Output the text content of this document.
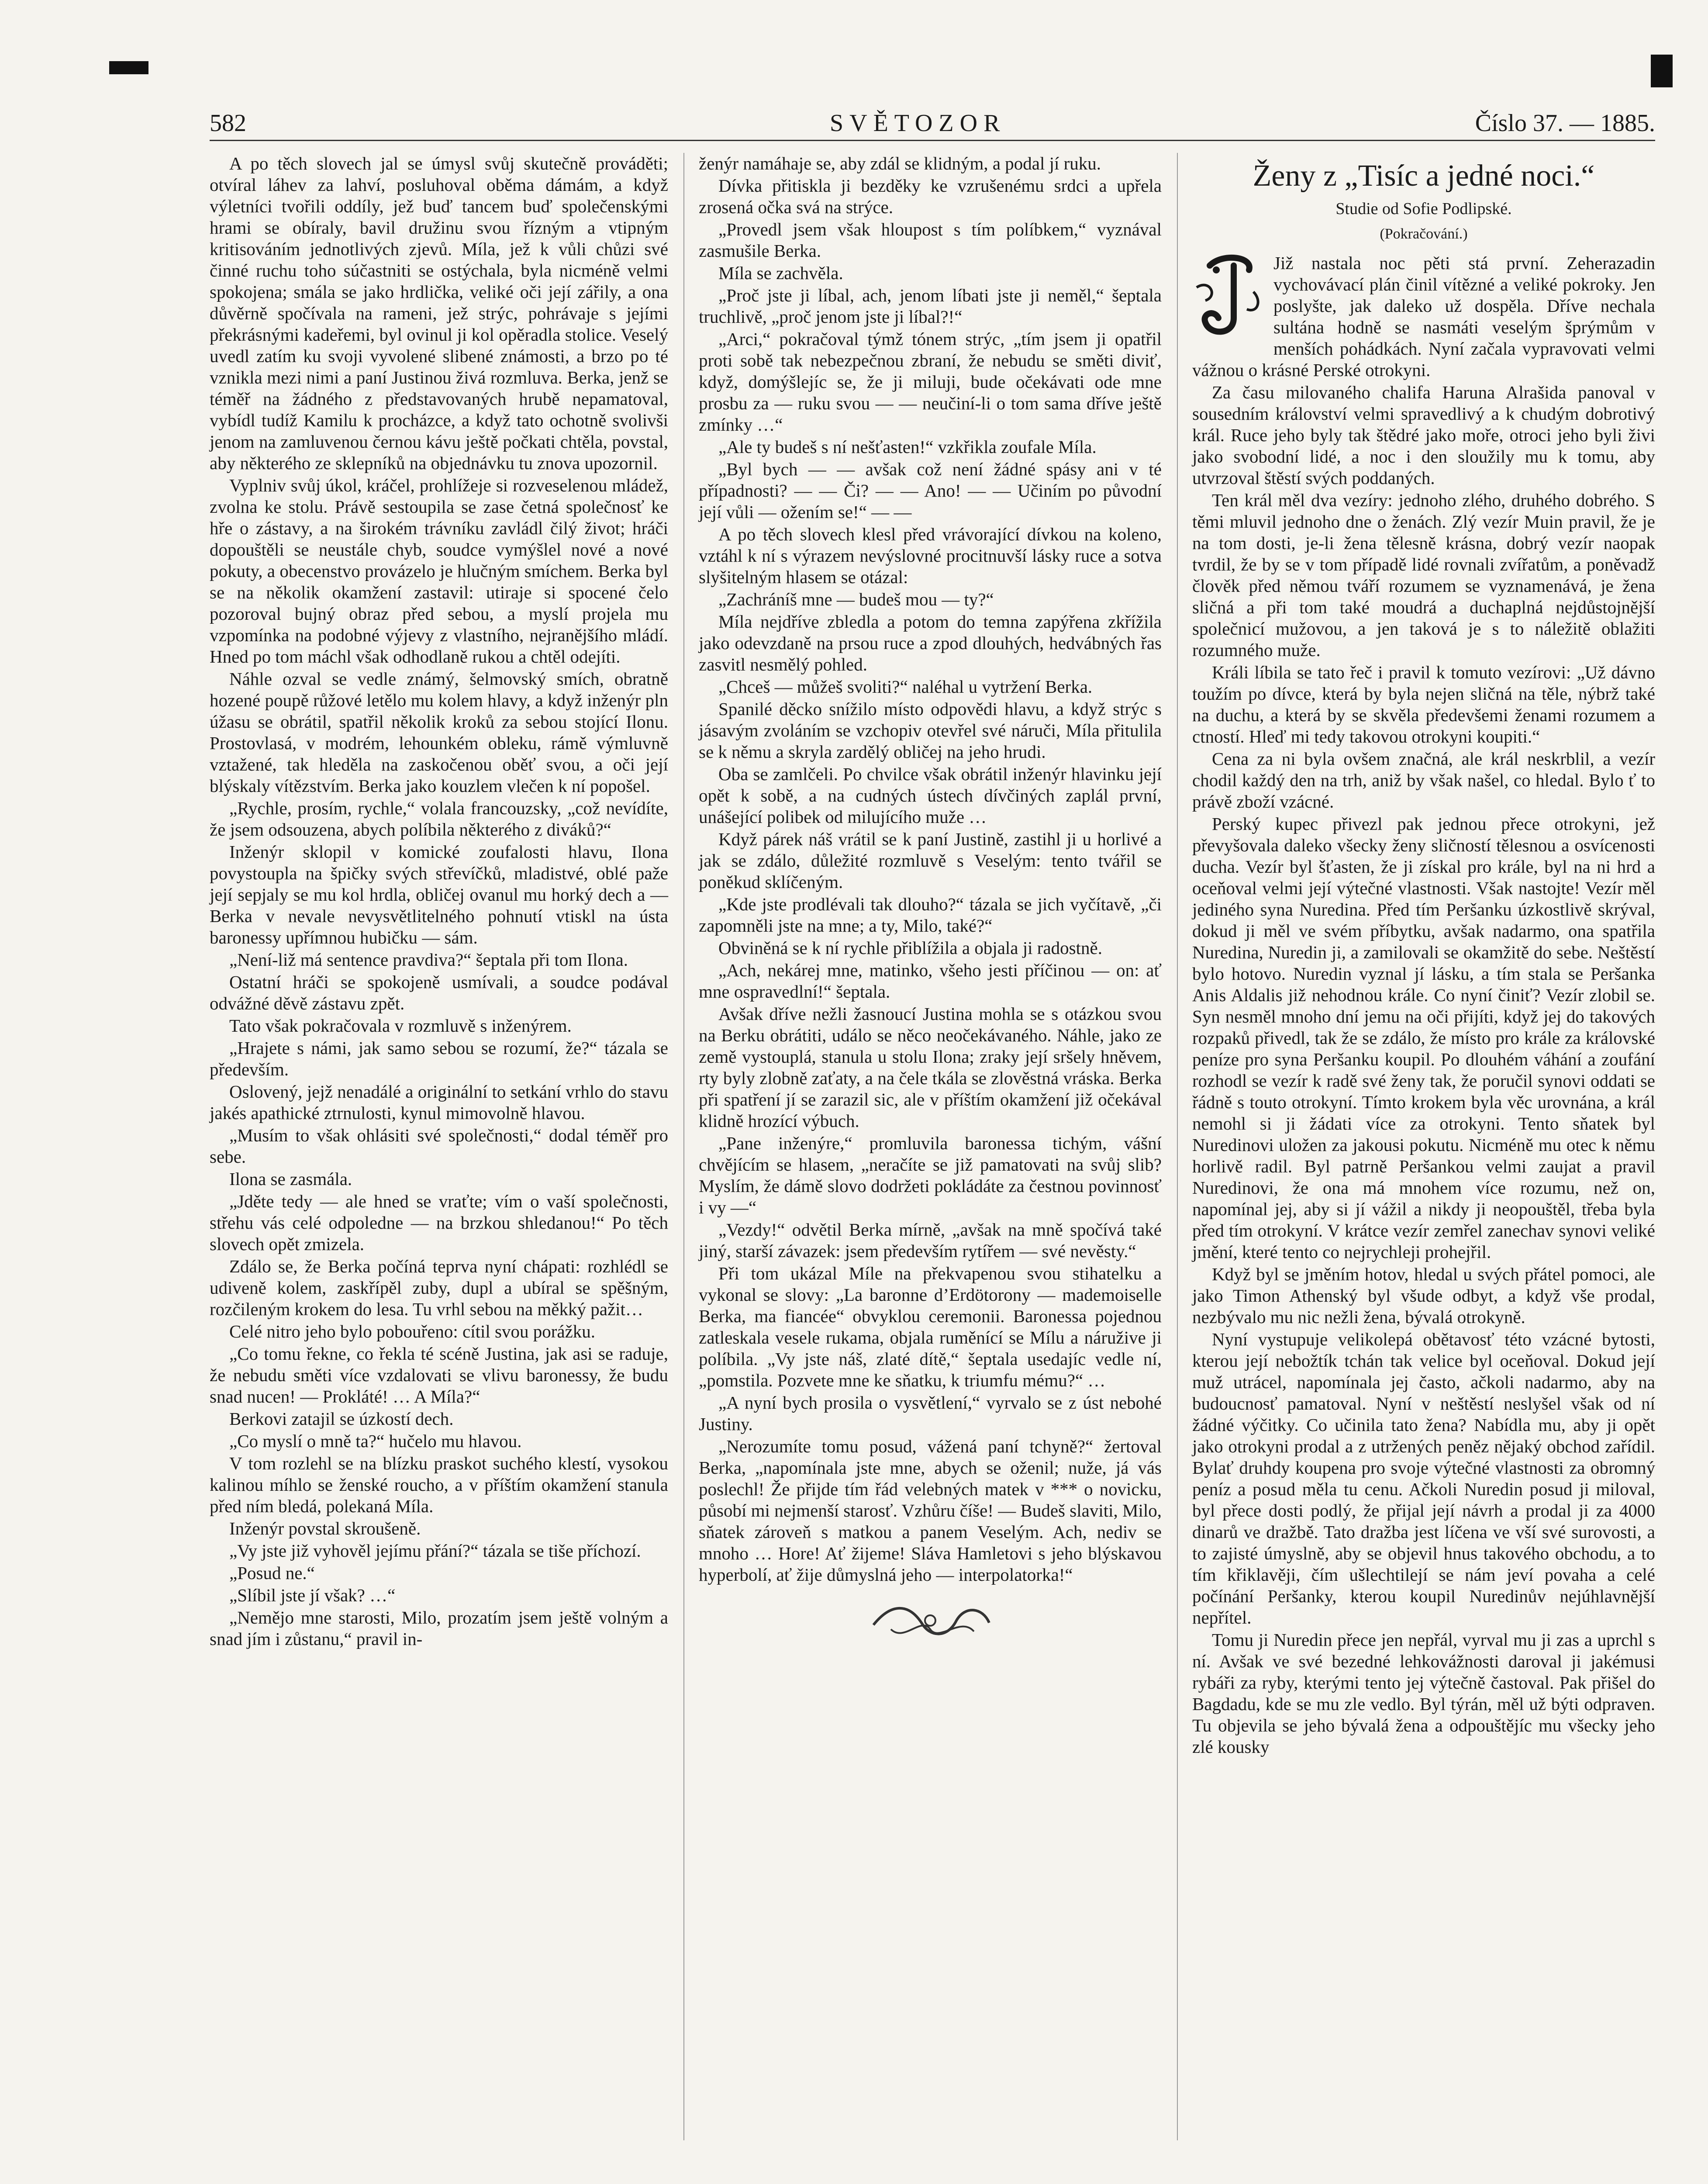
582	SVĚTOZOR	Číslo 37. — 1885.

A po těch slovech jal se úmysl svůj skutečně prováděti; otvíral láhev za lahví, posluhoval oběma dámám, a když výletníci tvořili oddíly, jež buď tancem buď společenskými hrami se obíraly, bavil družinu svou řízným a vtipným kritisováním jednotlivých zjevů. Míla, jež k vůli chůzi své činné ruchu toho súčastniti se ostýchala, byla nicméně velmi spokojena; smála se jako hrdlička, veliké oči její zářily, a ona důvěrně spočívala na rameni, jež strýc, pohrávaje s jejími překrásnými kadeřemi, byl ovinul ji kol opěradla stolice. Veselý uvedl zatím ku svoji vyvolené slibené známosti, a brzo po té vznikla mezi nimi a paní Justinou živá rozmluva. Berka, jenž se téměř na žádného z představovaných hrubě nepamatoval, vybídl tudíž Kamilu k procházce, a když tato ochotně svolivši jenom na zamluvenou černou kávu ještě počkati chtěla, povstal, aby některého ze sklepníků na objednávku tu znova upozornil.

Vyplniv svůj úkol, kráčel, prohlížeje si rozveselenou mládež, zvolna ke stolu. Právě sestoupila se zase četná společnosť ke hře o zástavy, a na širokém trávníku zavládl čilý život; hráči dopouštěli se neustále chyb, soudce vymýšlel nové a nové pokuty, a obecenstvo provázelo je hlučným smíchem. Berka byl se na několik okamžení zastavil: utiraje si spocené čelo pozoroval bujný obraz před sebou, a myslí projela mu vzpomínka na podobné výjevy z vlastního, nejranějšího mládí. Hned po tom máchl však odhodlaně rukou a chtěl odejíti.

Náhle ozval se vedle známý, šelmovský smích, obratně hozené poupě růžové letělo mu kolem hlavy, a když inženýr pln úžasu se obrátil, spatřil několik kroků za sebou stojící Ilonu. Prostovlasá, v modrém, lehounkém obleku, rámě výmluvně vztažené, tak hleděla na zaskočenou oběť svou, a oči její blýskaly vítězstvím. Berka jako kouzlem vlečen k ní popošel.

„Rychle, prosím, rychle,“ volala francouzsky, „což nevídíte, že jsem odsouzena, abych políbila některého z diváků?“

Inženýr sklopil v komické zoufalosti hlavu, Ilona povystoupla na špičky svých střevíčků, mladistvé, oblé paže její sepjaly se mu kol hrdla, obličej ovanul mu horký dech a — Berka v nevale nevysvětlitelného pohnutí vtiskl na ústa baronessy upřímnou hubičku — sám.

„Není-liž má sentence pravdiva?“ šeptala při tom Ilona.

Ostatní hráči se spokojeně usmívali, a soudce podával odvážné děvě zástavu zpět.

Tato však pokračovala v rozmluvě s inženýrem.

„Hrajete s námi, jak samo sebou se rozumí, že?“ tázala se především.

Oslovený, jejž nenadálé a originální to setkání vrhlo do stavu jakés apathické ztrnulosti, kynul mimovolně hlavou.

„Musím to však ohlásiti své společnosti,“ dodal téměř pro sebe.

Ilona se zasmála.

„Jděte tedy — ale hned se vraťte; vím o vaší společnosti, střehu vás celé odpoledne — na brzkou shledanou!“ Po těch slovech opět zmizela.

Zdálo se, že Berka počíná teprva nyní chápati: rozhlédl se udiveně kolem, zaskřípěl zuby, dupl a ubíral se spěšným, rozčileným krokem do lesa. Tu vrhl sebou na měkký pažit…

Celé nitro jeho bylo pobouřeno: cítil svou porážku.

„Co tomu řekne, co řekla té scéně Justina, jak asi se raduje, že nebudu směti více vzdalovati se vlivu baronessy, že budu snad nucen! — Prokláté! … A Míla?“

Berkovi zatajil se úzkostí dech.

„Co myslí o mně ta?“ hučelo mu hlavou.

V tom rozlehl se na blízku praskot suchého klestí, vysokou kalinou míhlo se ženské roucho, a v příštím okamžení stanula před ním bledá, polekaná Míla.

Inženýr povstal skroušeně.

„Vy jste již vyhověl jejímu přání?“ tázala se tiše příchozí.

„Posud ne.“

„Slíbil jste jí však? …“

„Nemějo mne starosti, Milo, prozatím jsem ještě volným a snad jím i zůstanu,“ pravil in-

ženýr namáhaje se, aby zdál se klidným, a podal jí ruku.

Dívka přitiskla ji bezděky ke vzrušenému srdci a upřela zrosená očka svá na strýce.

„Provedl jsem však hloupost s tím políbkem,“ vyznával zasmušile Berka.

Míla se zachvěla.

„Proč jste ji líbal, ach, jenom líbati jste ji neměl,“ šeptala truchlivě, „proč jenom jste ji líbal?!“

„Arci,“ pokračoval týmž tónem strýc, „tím jsem ji opatřil proti sobě tak nebezpečnou zbraní, že nebudu se směti diviť, když, domýšlejíc se, že ji miluji, bude očekávati ode mne prosbu za — ruku svou — — neučiní-li o tom sama dříve ještě zmínky …“

„Ale ty budeš s ní nešťasten!“ vzkřikla zoufale Míla.

„Byl bych — — avšak což není žádné spásy ani v té případnosti? — — Či? — — Ano! — — Učiním po původní její vůli — ožením se!“ — —

A po těch slovech klesl před vrávorající dívkou na koleno, vztáhl k ní s výrazem nevýslovné procitnuvší lásky ruce a sotva slyšitelným hlasem se otázal:

„Zachráníš mne — budeš mou — ty?“

Míla nejdříve zbledla a potom do temna zapýřena zkřížila jako odevzdaně na prsou ruce a zpod dlouhých, hedvábných řas zasvitl nesmělý pohled.

„Chceš — můžeš svoliti?“ naléhal u vytržení Berka.

Spanilé děcko snížilo místo odpovědi hlavu, a když strýc s jásavým zvoláním se vzchopiv otevřel své náruči, Míla přitulila se k němu a skryla zardělý obličej na jeho hrudi.

Oba se zamlčeli. Po chvilce však obrátil inženýr hlavinku její opět k sobě, a na cudných ústech dívčiných zaplál první, unášející polibek od milujícího muže …

Když párek náš vrátil se k paní Justině, zastihl ji u horlivé a jak se zdálo, důležité rozmluvě s Veselým: tento tvářil se poněkud sklíčeným.

„Kde jste prodlévali tak dlouho?“ tázala se jich vyčítavě, „či zapomněli jste na mne; a ty, Milo, také?“

Obviněná se k ní rychle přiblížila a objala ji radostně.

„Ach, nekárej mne, matinko, všeho jesti příčinou — on: ať mne ospravedlní!“ šeptala.

Avšak dříve nežli žasnoucí Justina mohla se s otázkou svou na Berku obrátiti, událo se něco neočekávaného. Náhle, jako ze země vystouplá, stanula u stolu Ilona; zraky její sršely hněvem, rty byly zlobně zaťaty, a na čele tkála se zlověstná vráska. Berka při spatření jí se zarazil sic, ale v příštím okamžení již očekával klidně hrozící výbuch.

„Pane inženýre,“ promluvila baronessa tichým, vášní chvějícím se hlasem, „neračíte se již pamatovati na svůj slib? Myslím, že dámě slovo dodržeti pokládáte za čestnou povinnosť i vy —“

„Vezdy!“ odvětil Berka mírně, „avšak na mně spočívá také jiný, starší závazek: jsem především rytířem — své nevěsty.“

Při tom ukázal Míle na překvapenou svou stihatelku a vykonal se slovy: „La baronne d’Erdötorony — mademoiselle Berka, ma fiancée“ obvyklou ceremonii. Baronessa pojednou zatleskala vesele rukama, objala ruměnící se Mílu a náružive ji políbila. „Vy jste náš, zlaté dítě,“ šeptala usedajíc vedle ní, „pomstila. Pozvete mne ke sňatku, k triumfu mému?“ …

„A nyní bych prosila o vysvětlení,“ vyrvalo se z úst nebohé Justiny.

„Nerozumíte tomu posud, vážená paní tchyně?“ žertoval Berka, „napomínala jste mne, abych se oženil; nuže, já vás poslechl! Že přijde tím řád velebných matek v *** o novicku, působí mi nejmenší starosť. Vzhůru číše! — Budeš slaviti, Milo, sňatek zároveň s matkou a panem Veselým. Ach, nediv se mnoho … Hore! Ať žijeme! Sláva Hamletovi s jeho blýskavou hyperbolí, ať žije důmyslná jeho — interpolatorka!“

Ženy z „Tisíc a jedné noci.“
Studie od Sofie Podlipské.
(Pokračování.)

Již nastala noc pěti stá první. Zeherazadin vychovávací plán činil vítězné a veliké pokroky. Jen poslyšte, jak daleko už dospěla. Dříve nechala sultána hodně se nasmáti veselým šprýmům v menších pohádkách. Nyní začala vypravovati velmi vážnou o krásné Perské otrokyni.

Za času milovaného chalifa Haruna Alrašida panoval v sousedním království velmi spravedlivý a k chudým dobrotivý král. Ruce jeho byly tak štědré jako moře, otroci jeho byli živi jako svobodní lidé, a noc i den sloužily mu k tomu, aby utvrzoval štěstí svých poddaných.

Ten král měl dva vezíry: jednoho zlého, druhého dobrého. S těmi mluvil jednoho dne o ženách. Zlý vezír Muin pravil, že je na tom dosti, je-li žena tělesně krásna, dobrý vezír naopak tvrdil, že by se v tom případě lidé rovnali zvířatům, a poněvadž člověk před němou tváří rozumem se vyznamenává, je žena sličná a při tom také moudrá a duchaplná nejdůstojnější společnicí mužovou, a jen taková je s to náležitě oblažiti rozumného muže.

Králi líbila se tato řeč i pravil k tomuto vezírovi: „Už dávno toužím po dívce, která by byla nejen sličná na těle, nýbrž také na duchu, a která by se skvěla předevšemi ženami rozumem a ctností. Hleď mi tedy takovou otrokyni koupiti.“

Cena za ni byla ovšem značná, ale král neskrblil, a vezír chodil každý den na trh, aniž by však našel, co hledal. Bylo ť to právě zboží vzácné.

Perský kupec přivezl pak jednou přece otrokyni, jež převyšovala daleko všecky ženy sličností tělesnou a osvícenosti ducha. Vezír byl šťasten, že ji získal pro krále, byl na ni hrd a oceňoval velmi její výtečné vlastnosti. Však nastojte! Vezír měl jediného syna Nuredina. Před tím Peršanku úzkostlivě skrýval, dokud ji měl ve svém příbytku, avšak nadarmo, ona spatřila Nuredina, Nuredin ji, a zamilovali se okamžitě do sebe. Neštěstí bylo hotovo. Nuredin vyznal jí lásku, a tím stala se Peršanka Anis Aldalis již nehodnou krále. Co nyní činiť? Vezír zlobil se. Syn nesměl mnoho dní jemu na oči přijíti, když jej do takových rozpaků přivedl, tak že se zdálo, že místo pro krále za královské peníze pro syna Peršanku koupil. Po dlouhém váhání a zoufání rozhodl se vezír k radě své ženy tak, že poručil synovi oddati se řádně s touto otrokyní. Tímto krokem byla věc urovnána, a král nemohl si ji žádati více za otrokyni. Tento sňatek byl Nuredinovi uložen za jakousi pokutu. Nicméně mu otec k němu horlivě radil. Byl patrně Peršankou velmi zaujat a pravil Nuredinovi, že ona má mnohem více rozumu, než on, napomínal jej, aby si jí vážil a nikdy ji neopouštěl, třeba byla před tím otrokyní. V krátce vezír zemřel zanechav synovi veliké jmění, které tento co nejrychleji prohejřil.

Když byl se jměním hotov, hledal u svých přátel pomoci, ale jako Timon Athenský byl všude odbyt, a když vše prodal, nezbývalo mu nic nežli žena, bývalá otrokyně.

Nyní vystupuje velikolepá obětavosť této vzácné bytosti, kterou její nebožtík tchán tak velice byl oceňoval. Dokud její muž utrácel, napomínala jej často, ačkoli nadarmo, aby na budoucnosť pamatoval. Nyní v neštěstí neslyšel však od ní žádné výčitky. Co učinila tato žena? Nabídla mu, aby ji opět jako otrokyni prodal a z utržených peněz nějaký obchod zařídil. Bylať druhdy koupena pro svoje výtečné vlastnosti za obromný peníz a posud měla tu cenu. Ačkoli Nuredin posud ji miloval, byl přece dosti podlý, že přijal její návrh a prodal ji za 4000 dinarů ve dražbě. Tato dražba jest líčena ve vší své surovosti, a to zajisté úmyslně, aby se objevil hnus takového obchodu, a to tím křiklavěji, čím ušlechtilejí se nám jeví povaha a celé počínání Peršanky, kterou koupil Nuredinův nejúhlavnější nepřítel.

Tomu ji Nuredin přece jen nepřál, vyrval mu ji zas a uprchl s ní. Avšak ve své bezedné lehkovážnosti daroval ji jakémusi rybáři za ryby, kterými tento jej výtečně častoval. Pak přišel do Bagdadu, kde se mu zle vedlo. Byl týrán, měl už býti odpraven. Tu objevila se jeho bývalá žena a odpouštějíc mu všecky jeho zlé kousky
